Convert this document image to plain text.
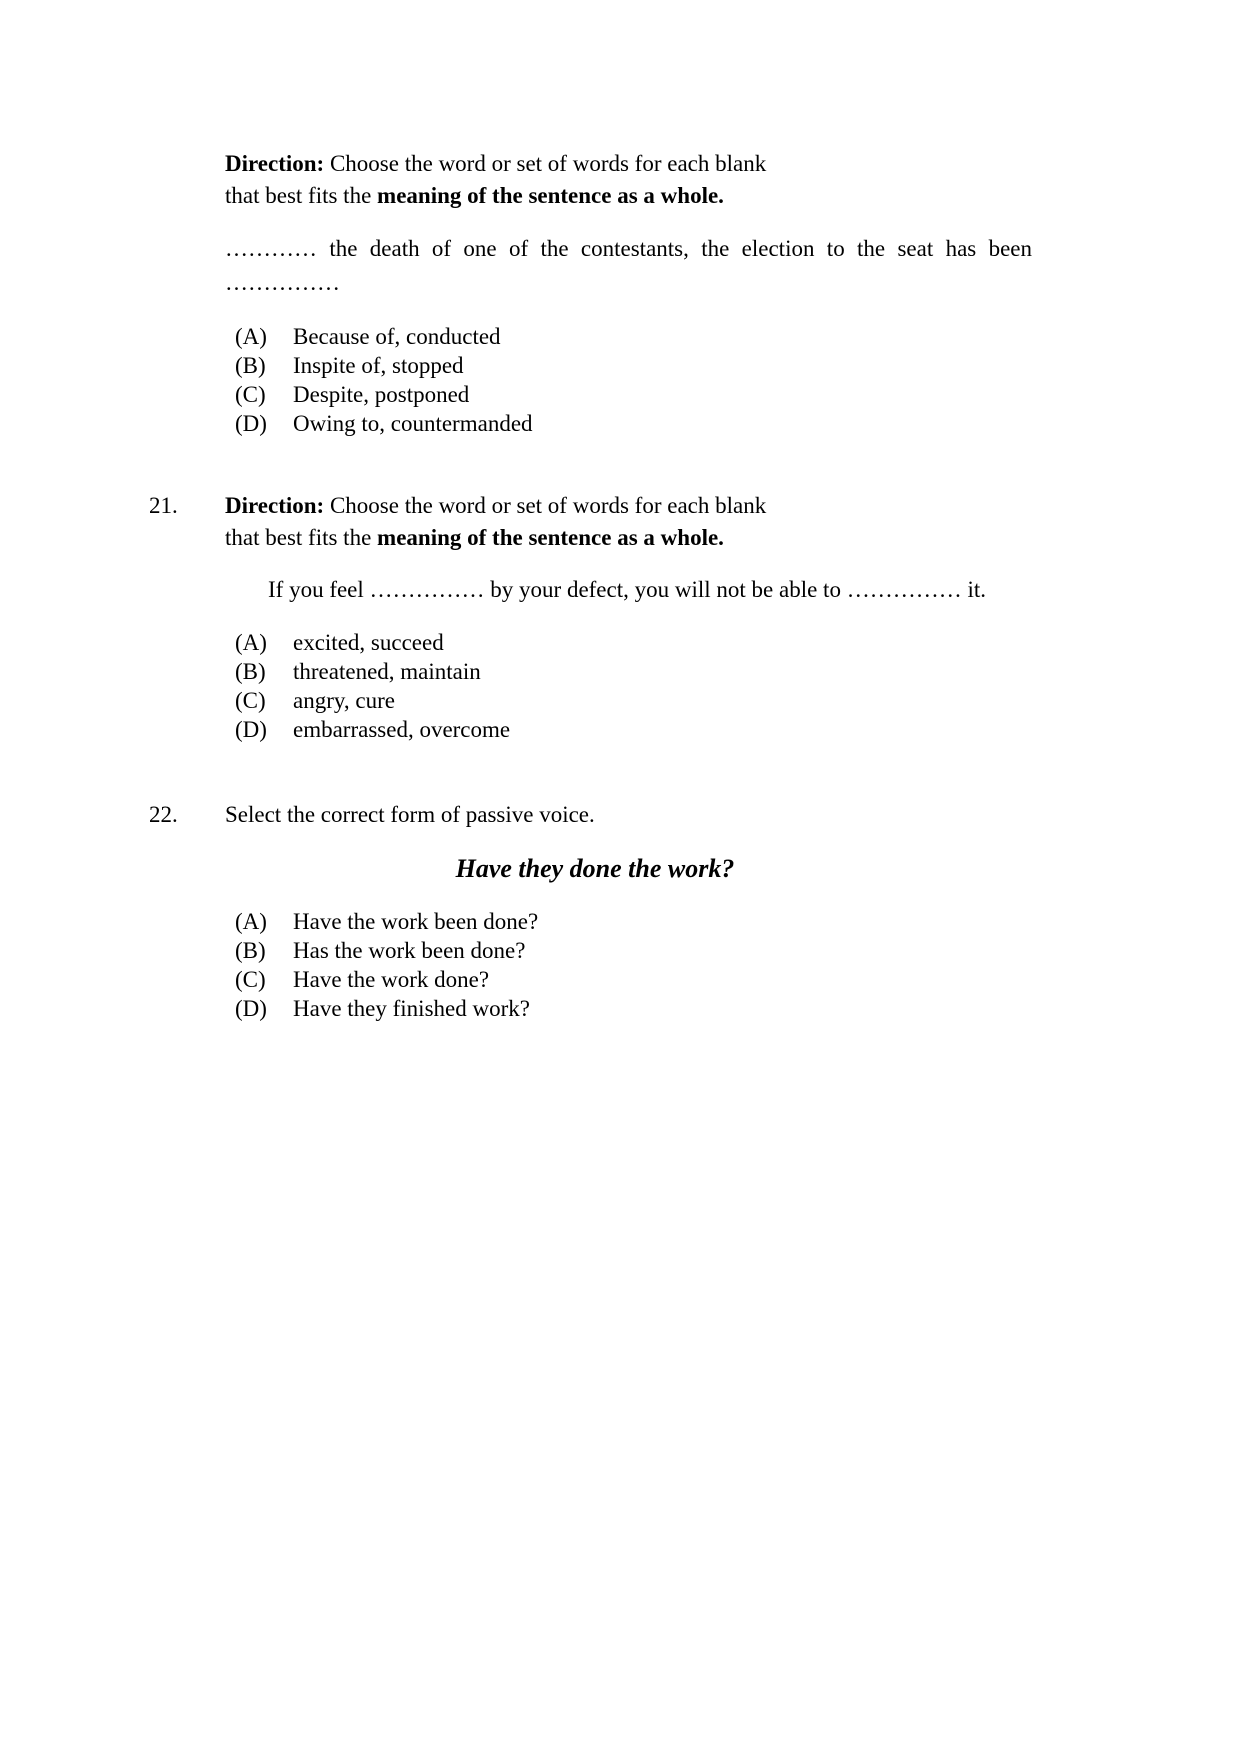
Direction: Choose the word or set of words for each blank
that best fits the meaning of the sentence as a whole.
………… the death of one of the contestants, the election to the seat has been ……………
(A) Because of, conducted
(B) Inspite of, stopped
(C) Despite, postponed
(D) Owing to, countermanded
21. Direction: Choose the word or set of words for each blank
that best fits the meaning of the sentence as a whole.
If you feel …………… by your defect, you will not be able to …………… it.
(A) excited, succeed
(B) threatened, maintain
(C) angry, cure
(D) embarrassed, overcome
22. Select the correct form of passive voice.
Have they done the work?
(A) Have the work been done?
(B) Has the work been done?
(C) Have the work done?
(D) Have they finished work?
